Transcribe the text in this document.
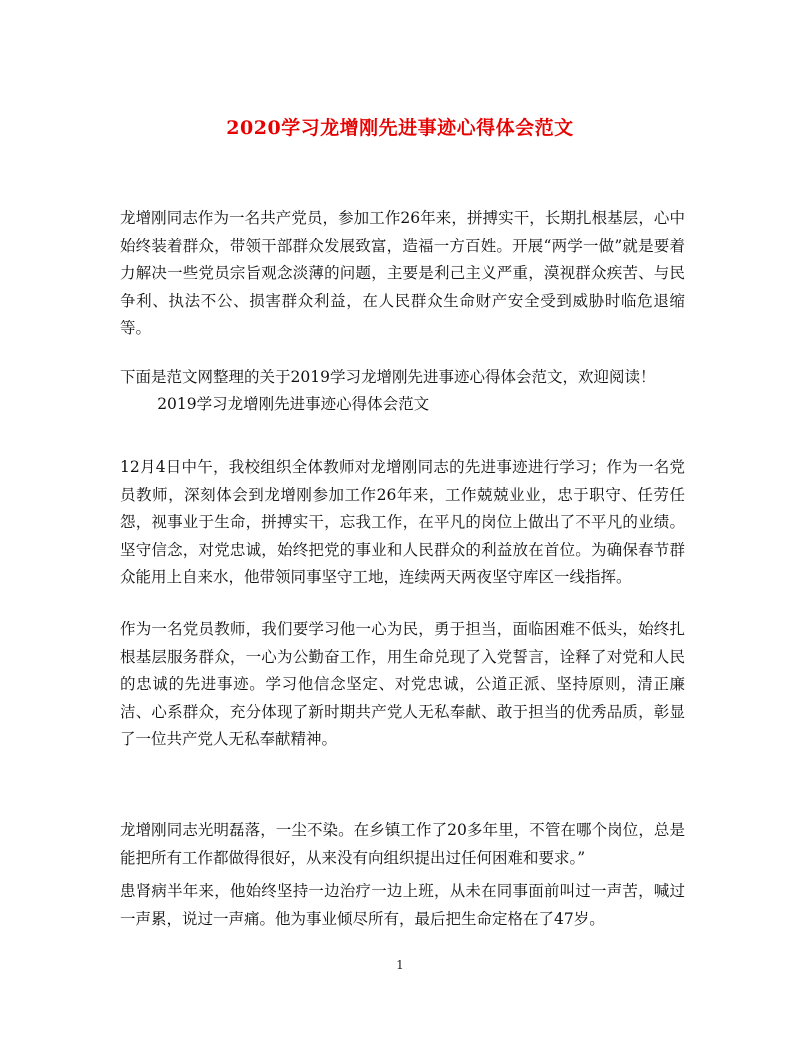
2020学习龙增刚先进事迹心得体会范文

龙增刚同志作为一名共产党员，参加工作26年来，拼搏实干，长期扎根基层，心中始终装着群众，带领干部群众发展致富，造福一方百姓。开展“两学一做”就是要着力解决一些党员宗旨观念淡薄的问题，主要是利己主义严重，漠视群众疾苦、与民争利、执法不公、损害群众利益，在人民群众生命财产安全受到威胁时临危退缩等。

下面是范文网整理的关于2019学习龙增刚先进事迹心得体会范文，欢迎阅读！

2019学习龙增刚先进事迹心得体会范文

12月4日中午，我校组织全体教师对龙增刚同志的先进事迹进行学习；作为一名党员教师，深刻体会到龙增刚参加工作26年来，工作兢兢业业，忠于职守、任劳任怨，视事业于生命，拼搏实干，忘我工作，在平凡的岗位上做出了不平凡的业绩。坚守信念，对党忠诚，始终把党的事业和人民群众的利益放在首位。为确保春节群众能用上自来水，他带领同事坚守工地，连续两天两夜坚守库区一线指挥。

作为一名党员教师，我们要学习他一心为民，勇于担当，面临困难不低头，始终扎根基层服务群众，一心为公勤奋工作，用生命兑现了入党誓言，诠释了对党和人民的忠诚的先进事迹。学习他信念坚定、对党忠诚，公道正派、坚持原则，清正廉洁、心系群众，充分体现了新时期共产党人无私奉献、敢于担当的优秀品质，彰显了一位共产党人无私奉献精神。

龙增刚同志光明磊落，一尘不染。在乡镇工作了20多年里，不管在哪个岗位，总是能把所有工作都做得很好，从来没有向组织提出过任何困难和要求。”

患肾病半年来，他始终坚持一边治疗一边上班，从未在同事面前叫过一声苦，喊过一声累，说过一声痛。他为事业倾尽所有，最后把生命定格在了47岁。

1
